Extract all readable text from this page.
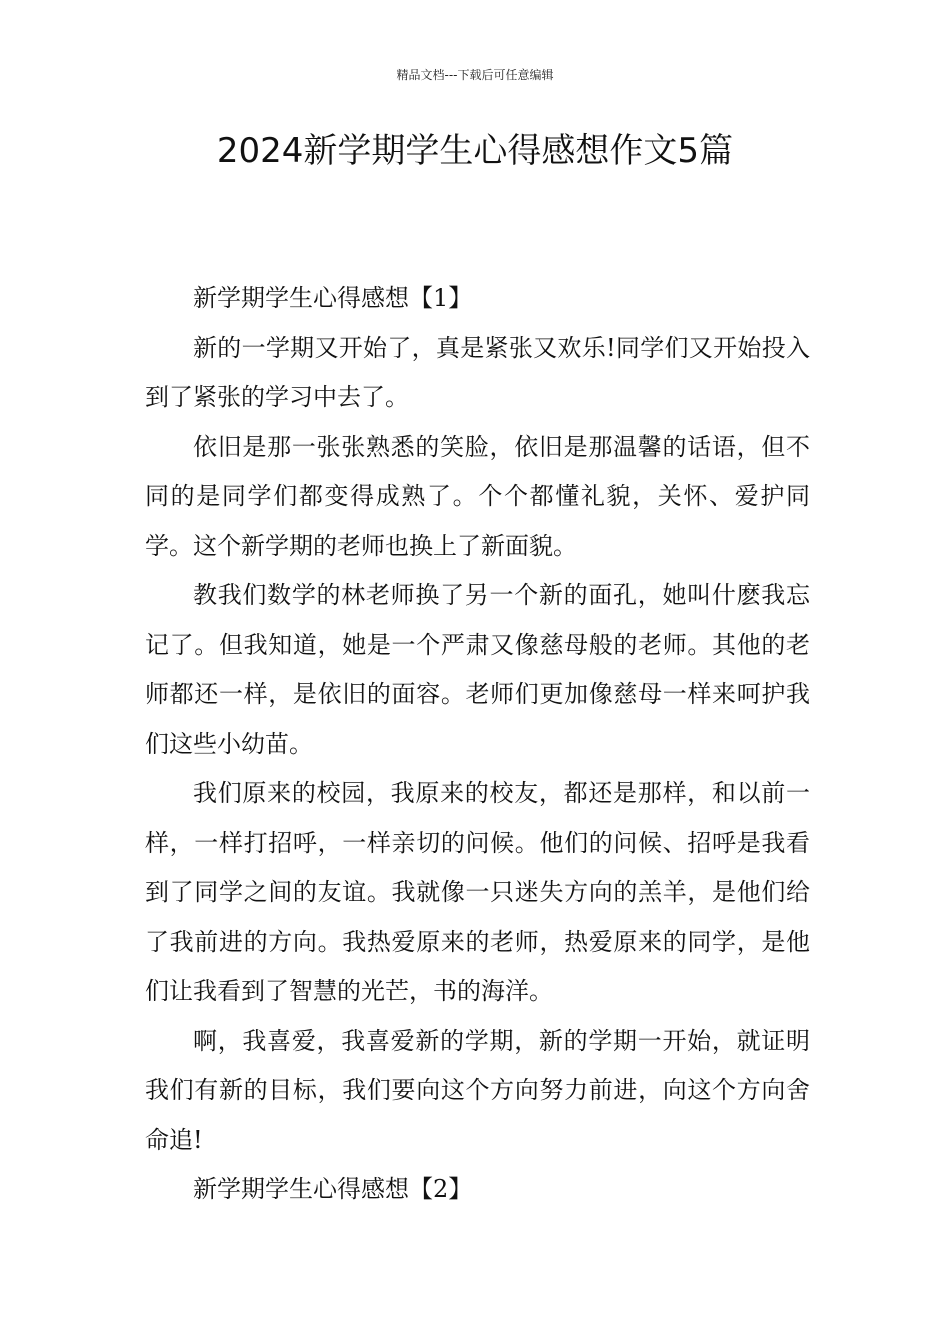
精品文档---下载后可任意编辑
2024新学期学生心得感想作文5篇

新学期学生心得感想【1】

新的一学期又开始了，真是紧张又欢乐!同学们又开始投入到了紧张的学习中去了。

依旧是那一张张熟悉的笑脸，依旧是那温馨的话语，但不同的是同学们都变得成熟了。个个都懂礼貌，关怀、爱护同学。这个新学期的老师也换上了新面貌。

教我们数学的林老师换了另一个新的面孔，她叫什麽我忘记了。但我知道，她是一个严肃又像慈母般的老师。其他的老师都还一样，是依旧的面容。老师们更加像慈母一样来呵护我们这些小幼苗。

我们原来的校园，我原来的校友，都还是那样，和以前一样，一样打招呼，一样亲切的问候。他们的问候、招呼是我看到了同学之间的友谊。我就像一只迷失方向的羔羊，是他们给了我前进的方向。我热爱原来的老师，热爱原来的同学，是他们让我看到了智慧的光芒，书的海洋。

啊，我喜爱，我喜爱新的学期，新的学期一开始，就证明我们有新的目标，我们要向这个方向努力前进，向这个方向舍命追!

新学期学生心得感想【2】
